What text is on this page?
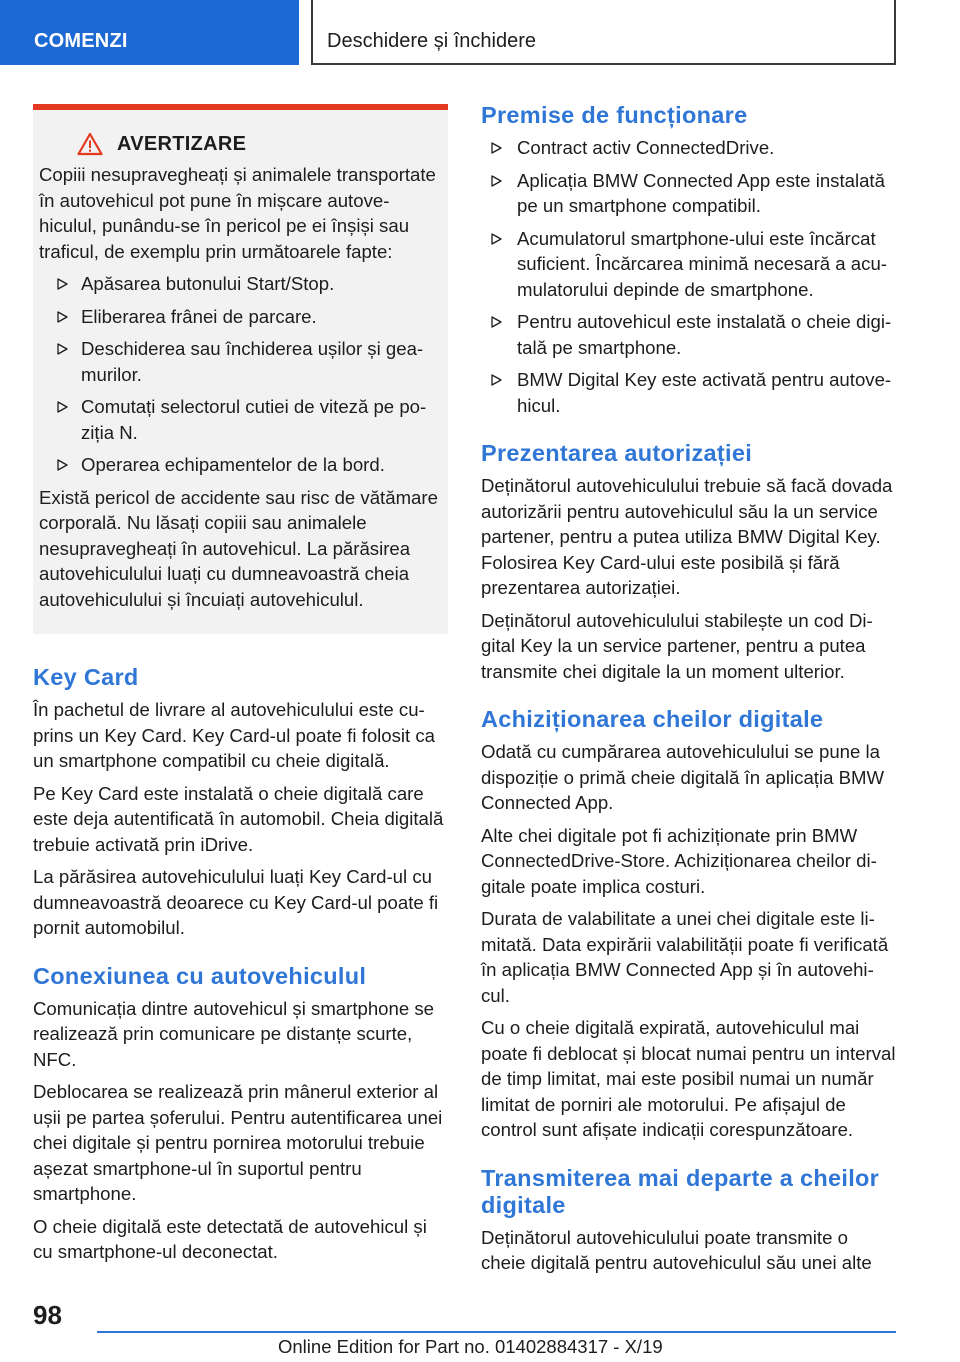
COMENZI	Deschidere și închidere
AVERTIZARE

Copiii nesupravegheați și animalele transportate în autovehicul pot pune în mișcare autovehiculul, punându-se în pericol pe ei înșiși sau traficul, de exemplu prin următoarele fapte:

Apăsarea butonului Start/Stop.
Eliberarea frânei de parcare.
Deschiderea sau închiderea ușilor și geamurilor.
Comutați selectorul cutiei de viteză pe poziția N.
Operarea echipamentelor de la bord.

Există pericol de accidente sau risc de vătămare corporală. Nu lăsați copiii sau animalele nesupravegheați în autovehicul. La părăsirea autovehiculului luați cu dumneavoastră cheia autovehiculului și încuiați autovehiculul.

Key Card

În pachetul de livrare al autovehiculului este cuprins un Key Card. Key Card-ul poate fi folosit ca un smartphone compatibil cu cheie digitală.

Pe Key Card este instalată o cheie digitală care este deja autentificată în automobil. Cheia digitală trebuie activată prin iDrive.

La părăsirea autovehiculului luați Key Card-ul cu dumneavoastră deoarece cu Key Card-ul poate fi pornit automobilul.

Conexiunea cu autovehiculul

Comunicația dintre autovehicul și smartphone se realizează prin comunicare pe distanțe scurte, NFC.

Deblocarea se realizează prin mânerul exterior al ușii pe partea șoferului. Pentru autentificarea unei chei digitale și pentru pornirea motorului trebuie așezat smartphone-ul în suportul pentru smartphone.

O cheie digitală este detectată de autovehicul și cu smartphone-ul deconectat.

Premise de funcționare
Contract activ ConnectedDrive.
Aplicația BMW Connected App este instalată pe un smartphone compatibil.
Acumulatorul smartphone-ului este încărcat suficient. Încărcarea minimă necesară a acumulatorului depinde de smartphone.
Pentru autovehicul este instalată o cheie digitală pe smartphone.
BMW Digital Key este activată pentru autovehicul.
Prezentarea autorizației

Deținătorul autovehiculului trebuie să facă dovada autorizării pentru autovehiculul său la un service partener, pentru a putea utiliza BMW Digital Key. Folosirea Key Card-ului este posibilă și fără prezentarea autorizației.

Deținătorul autovehiculului stabilește un cod Digital Key la un service partener, pentru a putea transmite chei digitale la un moment ulterior.

Achiziționarea cheilor digitale

Odată cu cumpărarea autovehiculului se pune la dispoziție o primă cheie digitală în aplicația BMW Connected App.

Alte chei digitale pot fi achiziționate prin BMW ConnectedDrive-Store. Achiziționarea cheilor digitale poate implica costuri.

Durata de valabilitate a unei chei digitale este limitată. Data expirării valabilității poate fi verificată în aplicația BMW Connected App și în autovehicul.

Cu o cheie digitală expirată, autovehiculul mai poate fi deblocat și blocat numai pentru un interval de timp limitat, mai este posibil numai un număr limitat de porniri ale motorului. Pe afișajul de control sunt afișate indicații corespunzătoare.

Transmiterea mai departe a cheilor digitale

Deținătorul autovehiculului poate transmite o cheie digitală pentru autovehiculul său unei alte

98
Online Edition for Part no. 01402884317 - X/19
